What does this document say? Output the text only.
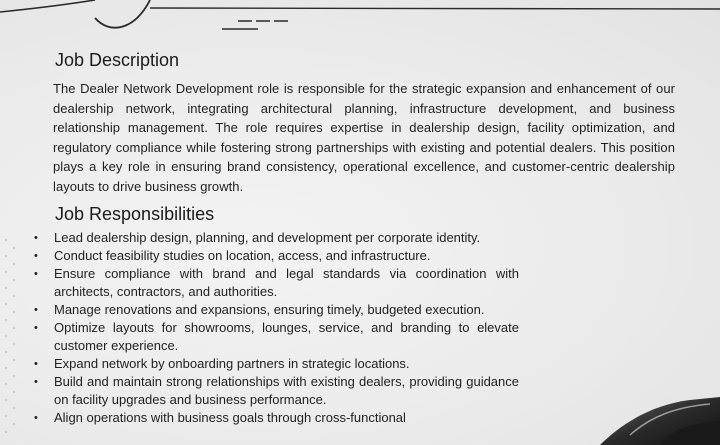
Job Description

The Dealer Network Development role is responsible for the strategic expansion and enhancement of our dealership network, integrating architectural planning, infrastructure development, and business relationship management. The role requires expertise in dealership design, facility optimization, and regulatory compliance while fostering strong partnerships with existing and potential dealers. This position plays a key role in ensuring brand consistency, operational excellence, and customer-centric dealership layouts to drive business growth.

Job Responsibilities
• Lead dealership design, planning, and development per corporate identity.
• Conduct feasibility studies on location, access, and infrastructure.
• Ensure compliance with brand and legal standards via coordination with architects, contractors, and authorities.
• Manage renovations and expansions, ensuring timely, budgeted execution.
• Optimize layouts for showrooms, lounges, service, and branding to elevate customer experience.
• Expand network by onboarding partners in strategic locations.
• Build and maintain strong relationships with existing dealers, providing guidance on facility upgrades and business performance.
• Align operations with business goals through cross-functional
